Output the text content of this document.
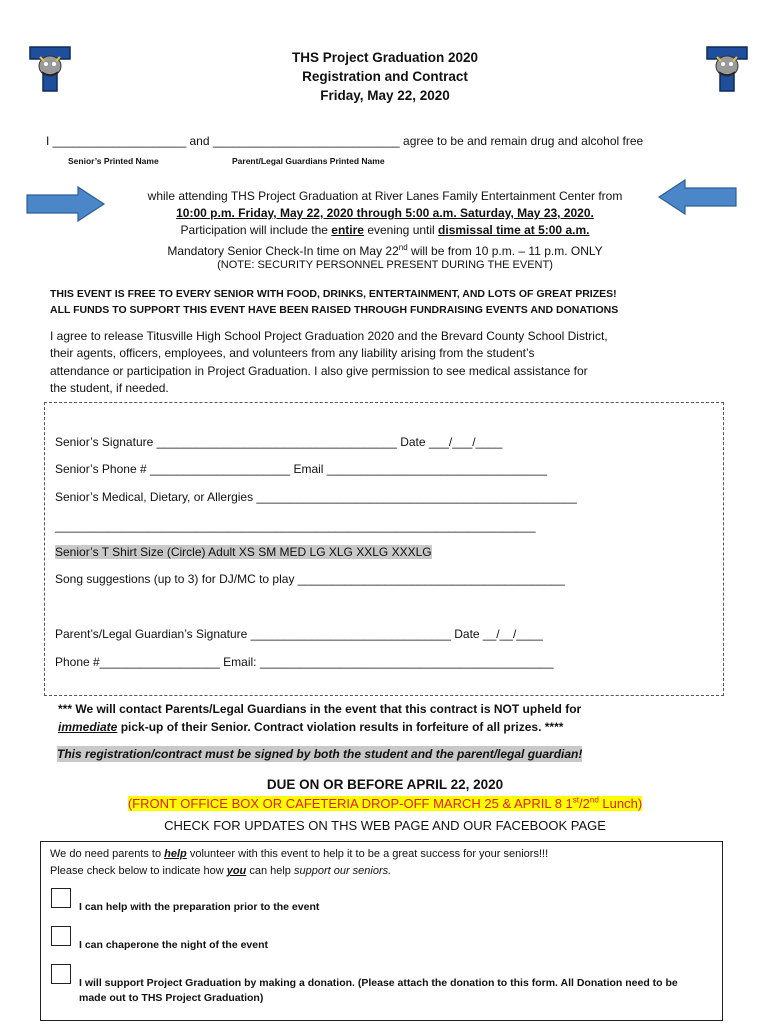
THS Project Graduation 2020
Registration and Contract
Friday, May 22, 2020
I ____________________ and ____________________________ agree to be and remain drug and alcohol free
Senior’s Printed Name	Parent/Legal Guardians Printed Name
while attending THS Project Graduation at River Lanes Family Entertainment Center from
10:00 p.m. Friday, May 22, 2020 through 5:00 a.m. Saturday, May 23, 2020.
Participation will include the entire evening until dismissal time at 5:00 a.m.
Mandatory Senior Check-In time on May 22nd will be from 10 p.m. – 11 p.m. ONLY
(NOTE: SECURITY PERSONNEL PRESENT DURING THE EVENT)
THIS EVENT IS FREE TO EVERY SENIOR WITH FOOD, DRINKS, ENTERTAINMENT, AND LOTS OF GREAT PRIZES!
ALL FUNDS TO SUPPORT THIS EVENT HAVE BEEN RAISED THROUGH FUNDRAISING EVENTS AND DONATIONS
I agree to release Titusville High School Project Graduation 2020 and the Brevard County School District,
their agents, officers, employees, and volunteers from any liability arising from the student’s
attendance or participation in Project Graduation. I also give permission to see medical assistance for
the student, if needed.
Senior’s Signature ____________________________________ Date ___/___/____
Senior’s Phone # _____________________ Email _________________________________
Senior’s Medical, Dietary, or Allergies ________________________________________________
________________________________________________________________________
Senior’s T Shirt Size (Circle) Adult XS SM MED LG XLG XXLG XXXLG
Song suggestions (up to 3) for DJ/MC to play ________________________________________
Parent’s/Legal Guardian’s Signature ______________________________ Date __/__/____
Phone #__________________ Email: ____________________________________________
*** We will contact Parents/Legal Guardians in the event that this contract is NOT upheld for
immediate pick-up of their Senior. Contract violation results in forfeiture of all prizes. ****
This registration/contract must be signed by both the student and the parent/legal guardian!
DUE ON OR BEFORE APRIL 22, 2020
(FRONT OFFICE BOX OR CAFETERIA DROP-OFF MARCH 25 & APRIL 8 1st/2nd Lunch)
CHECK FOR UPDATES ON THS WEB PAGE AND OUR FACEBOOK PAGE
We do need parents to help volunteer with this event to help it to be a great success for your seniors!!!
Please check below to indicate how you can help support our seniors.
I can help with the preparation prior to the event
I can chaperone the night of the event
I will support Project Graduation by making a donation. (Please attach the donation to this form. All Donation need to be made out to THS Project Graduation)
